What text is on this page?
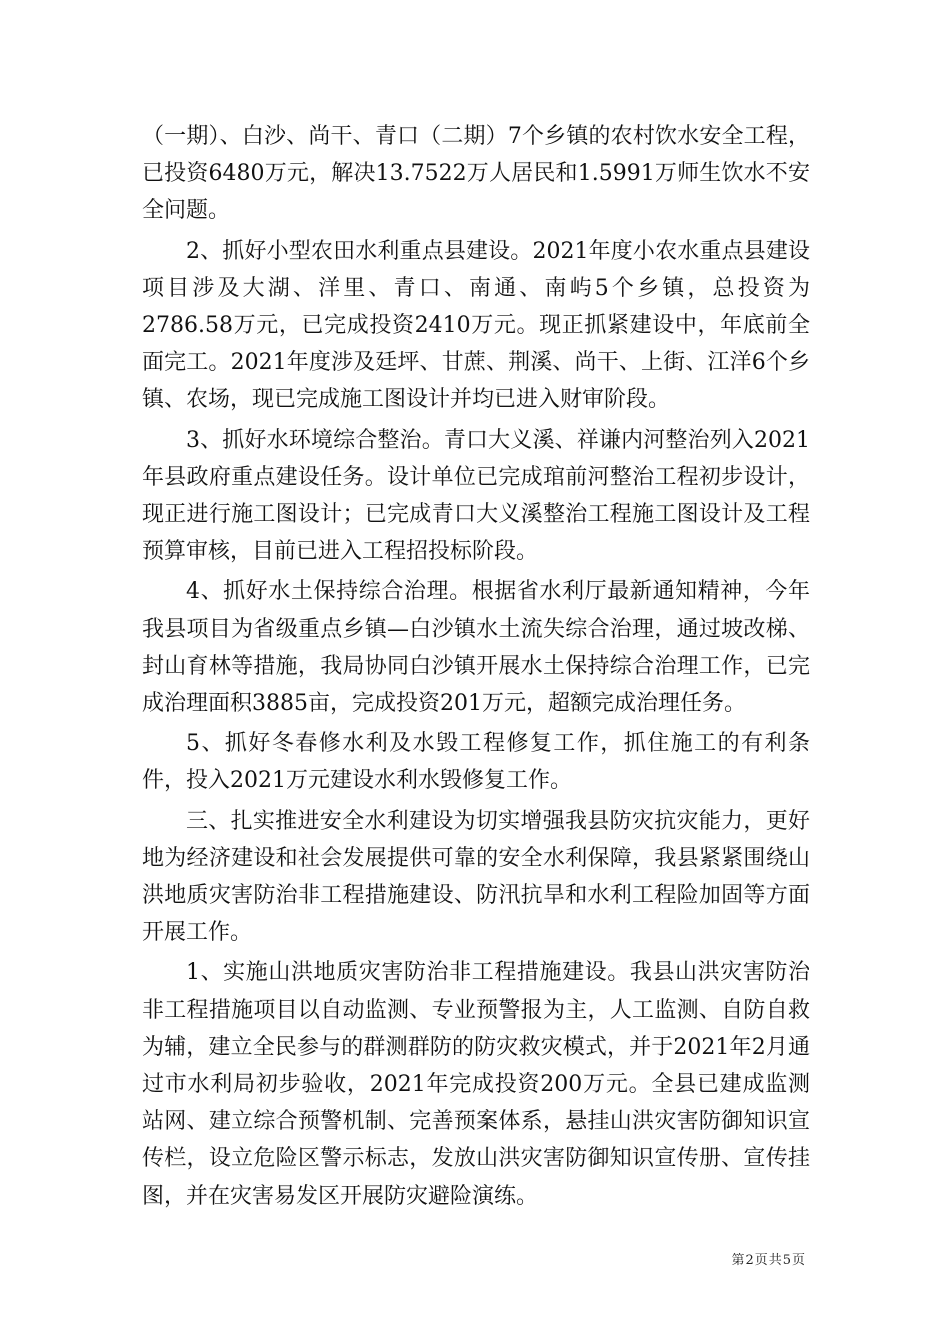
（一期）、白沙、尚干、青口（二期）7个乡镇的农村饮水安全工程，已投资6480万元，解决13.7522万人居民和1.5991万师生饮水不安全问题。

2、抓好小型农田水利重点县建设。2021年度小农水重点县建设项目涉及大湖、洋里、青口、南通、南屿5个乡镇，总投资为2786.58万元，已完成投资2410万元。现正抓紧建设中，年底前全面完工。2021年度涉及廷坪、甘蔗、荆溪、尚干、上街、江洋6个乡镇、农场，现已完成施工图设计并均已进入财审阶段。

3、抓好水环境综合整治。青口大义溪、祥谦内河整治列入2021年县政府重点建设任务。设计单位已完成琯前河整治工程初步设计，现正进行施工图设计；已完成青口大义溪整治工程施工图设计及工程预算审核，目前已进入工程招投标阶段。

4、抓好水土保持综合治理。根据省水利厅最新通知精神，今年我县项目为省级重点乡镇—白沙镇水土流失综合治理，通过坡改梯、封山育林等措施，我局协同白沙镇开展水土保持综合治理工作，已完成治理面积3885亩，完成投资201万元，超额完成治理任务。

5、抓好冬春修水利及水毁工程修复工作，抓住施工的有利条件，投入2021万元建设水利水毁修复工作。

三、扎实推进安全水利建设为切实增强我县防灾抗灾能力，更好地为经济建设和社会发展提供可靠的安全水利保障，我县紧紧围绕山洪地质灾害防治非工程措施建设、防汛抗旱和水利工程险加固等方面开展工作。

1、实施山洪地质灾害防治非工程措施建设。我县山洪灾害防治非工程措施项目以自动监测、专业预警报为主，人工监测、自防自救为辅，建立全民参与的群测群防的防灾救灾模式，并于2021年2月通过市水利局初步验收，2021年完成投资200万元。全县已建成监测站网、建立综合预警机制、完善预案体系，悬挂山洪灾害防御知识宣传栏，设立危险区警示标志，发放山洪灾害防御知识宣传册、宣传挂图，并在灾害易发区开展防灾避险演练。

第2页共5页
